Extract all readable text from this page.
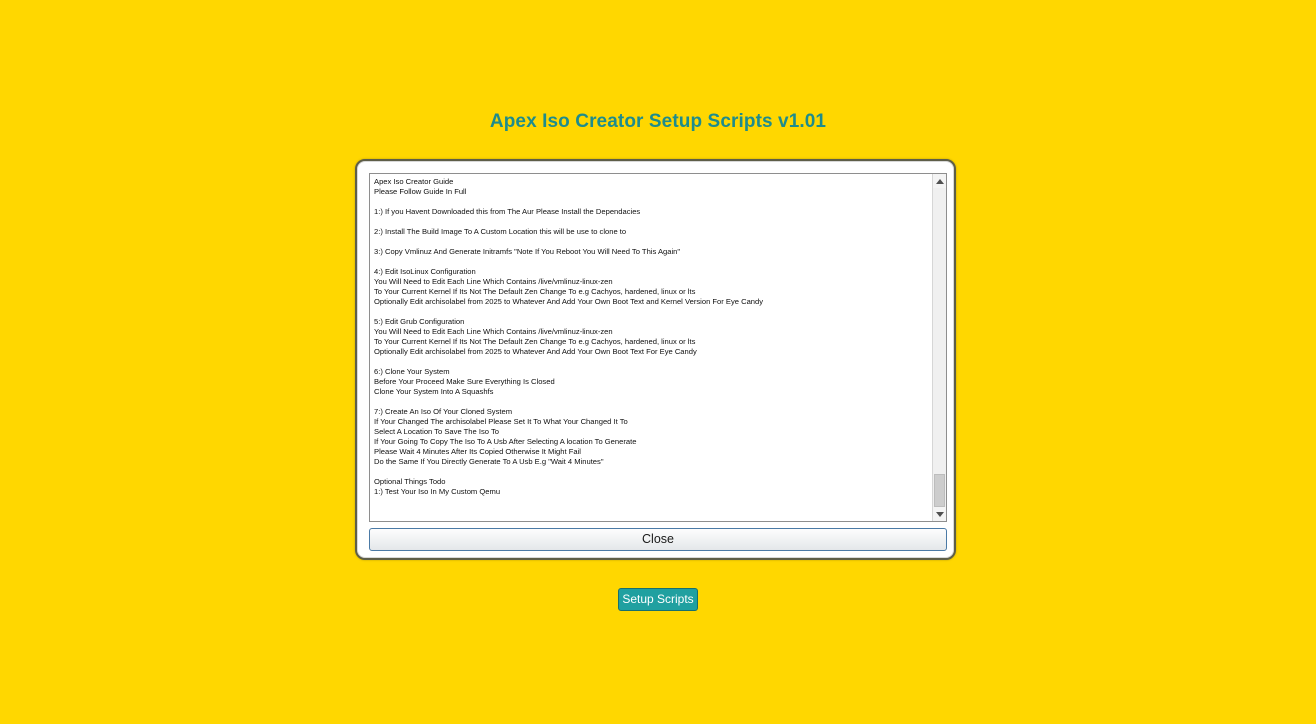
Apex Iso Creator Setup Scripts v1.01
Apex Iso Creator Guide
Please Follow Guide In Full

1:) If you Havent Downloaded this from The Aur Please Install the Dependacies

2:) Install The Build Image To A Custom Location this will be use to clone to

3:) Copy Vmlinuz And Generate Initramfs "Note If You Reboot You Will Need To This Again"

4:) Edit IsoLinux Configuration
You Will Need to Edit Each Line Which Contains /live/vmlinuz-linux-zen
To Your Current Kernel If Its Not The Default Zen Change To e.g Cachyos, hardened, linux or lts
Optionally Edit archisolabel from 2025 to Whatever And Add Your Own Boot Text and Kernel Version For Eye Candy

5:) Edit Grub Configuration
You Will Need to Edit Each Line Which Contains /live/vmlinuz-linux-zen
To Your Current Kernel If Its Not The Default Zen Change To e.g Cachyos, hardened, linux or lts
Optionally Edit archisolabel from 2025 to Whatever And Add Your Own Boot Text For Eye Candy

6:) Clone Your System
Before Your Proceed Make Sure Everything Is Closed
Clone Your System Into A Squashfs

7:) Create An Iso Of Your Cloned System
If Your Changed The archisolabel Please Set It To What Your Changed It To
Select A Location To Save The Iso To
If Your Going To Copy The Iso To A Usb After Selecting A location To Generate
Please Wait 4 Minutes After Its Copied Otherwise It Might Fail
Do the Same If You Directly Generate To A Usb E.g "Wait 4 Minutes"

Optional Things Todo
1:) Test Your Iso In My Custom Qemu
Close
Setup Scripts
